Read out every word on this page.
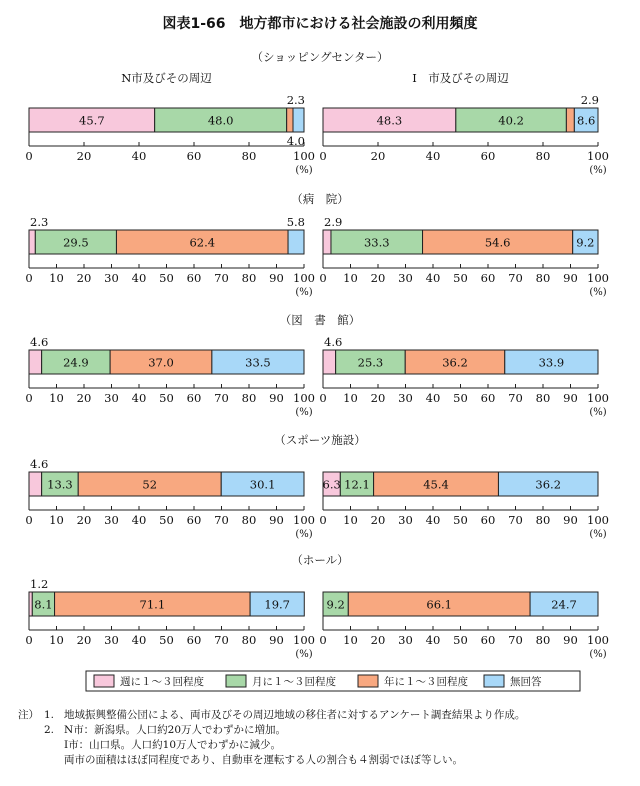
図表1-66　地方都市における社会施設の利用頻度
（ショッピングセンター）
N市及びその周辺	I　市及びその周辺
45.7	48.0
2.3
4.0
0	20	40	60	80	100
(%)
48.3	40.2
2.9
8.6
0	20	40	60	80	100
(%)
（病　院）
2.3
29.5	62.4
5.8
0 10 20 30 40 50 60 70 80 90 100
(%)
2.9
33.3	54.6	9.2
0 10 20 30 40 50 60 70 80 90 100
(%)
（図　書　館）
4.6
24.9	37.0	33.5
0 10 20 30 40 50 60 70 80 90 100
(%)
4.6
25.3	36.2	33.9
0 10 20 30 40 50 60 70 80 90 100
(%)
（スポーツ施設）
4.6
13.3	52	30.1
0 10 20 30 40 50 60 70 80 90 100
(%)
6.3 12.1	45.4	36.2
0 10 20 30 40 50 60 70 80 90 100
(%)
（ホール）
1.2
8.1	71.1	19.7
0 10 20 30 40 50 60 70 80 90 100
(%)
9.2	66.1	24.7
0 10 20 30 40 50 60 70 80 90 100
(%)
週に１～３回程度	月に１～３回程度	年に１～３回程度	無回答
注） 1. 地域振興整備公団による、両市及びその周辺地域の移住者に対するアンケート調査結果より作成。
2. N市：新潟県。人口約20万人でわずかに増加。
I市：山口県。人口約10万人でわずかに減少。
両市の面積はほぼ同程度であり、自動車を運転する人の割合も４割弱でほぼ等しい。
